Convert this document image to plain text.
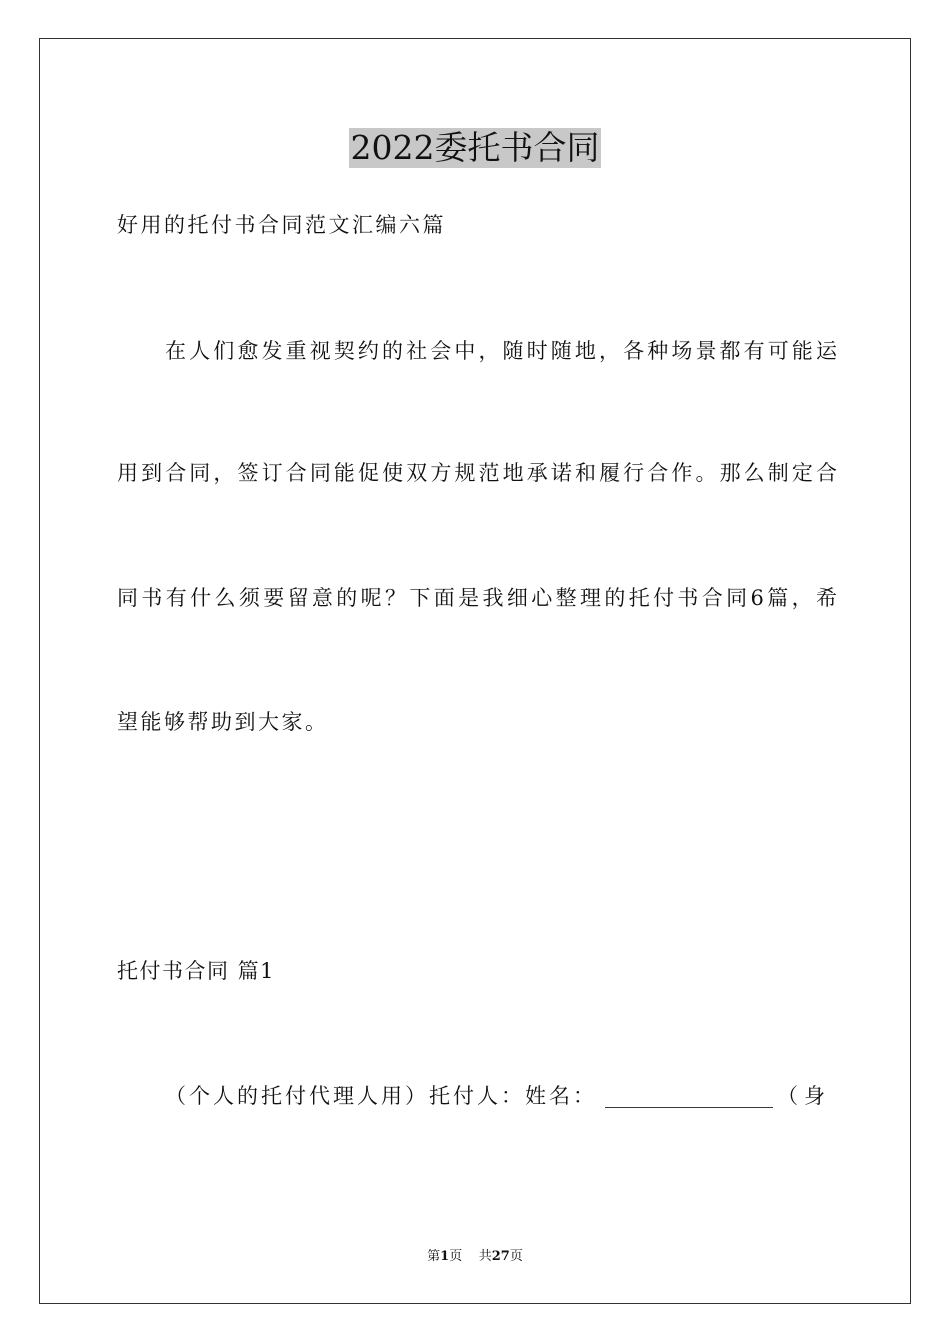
2022委托书合同
好用的托付书合同范文汇编六篇
在人们愈发重视契约的社会中，随时随地，各种场景都有可能运
用到合同，签订合同能促使双方规范地承诺和履行合作。那么制定合
同书有什么须要留意的呢？下面是我细心整理的托付书合同6篇，希
望能够帮助到大家。
托付书合同 篇1
（个人的托付代理人用）托付人：姓名： ________________ （身
第1页 共27页
